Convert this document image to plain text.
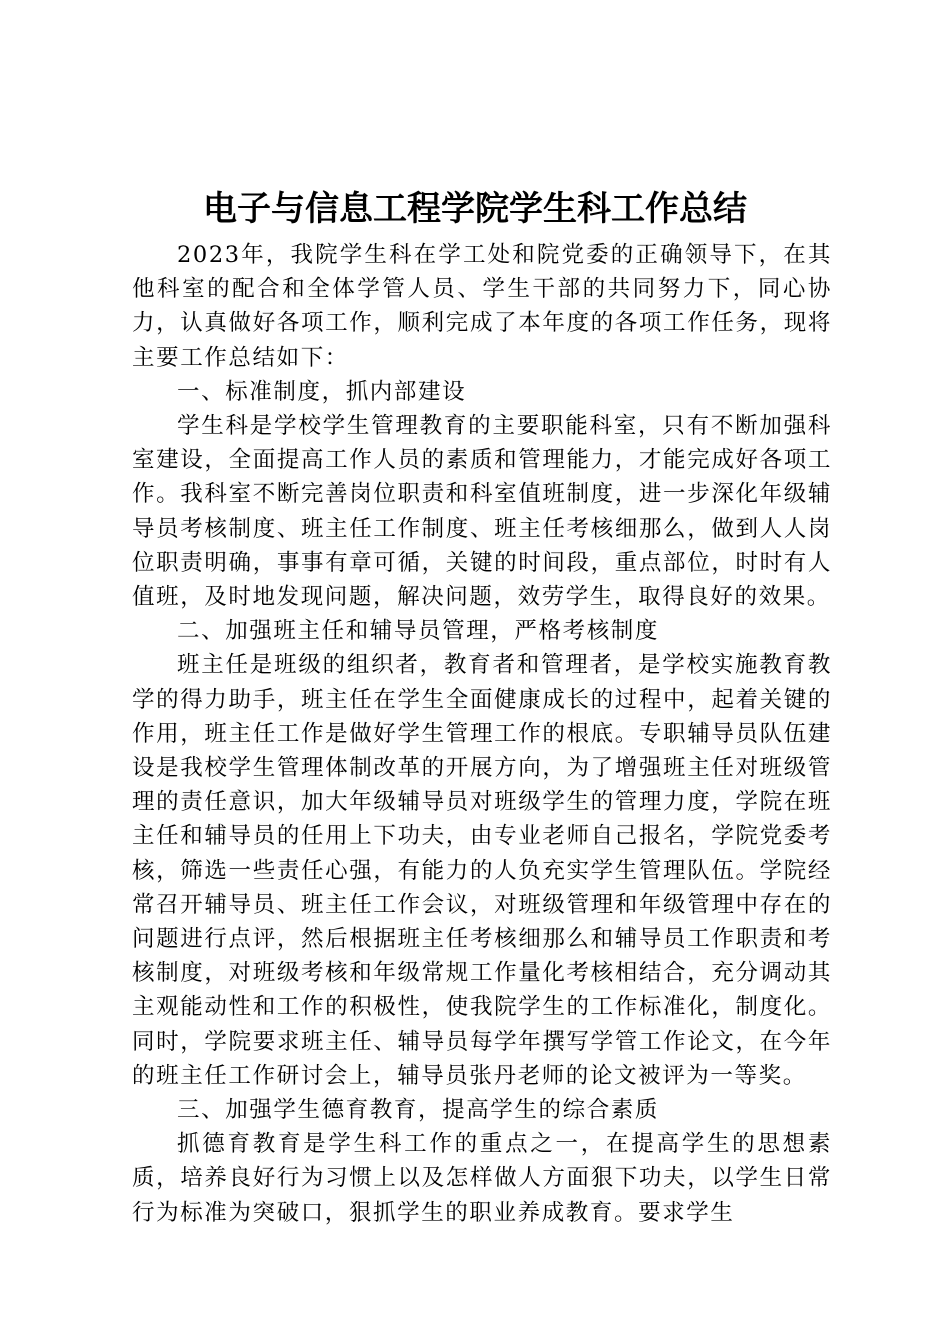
电子与信息工程学院学生科工作总结

2023年，我院学生科在学工处和院党委的正确领导下，在其他科室的配合和全体学管人员、学生干部的共同努力下，同心协力，认真做好各项工作，顺利完成了本年度的各项工作任务，现将主要工作总结如下：

一、标准制度，抓内部建设

学生科是学校学生管理教育的主要职能科室，只有不断加强科室建设，全面提高工作人员的素质和管理能力，才能完成好各项工作。我科室不断完善岗位职责和科室值班制度，进一步深化年级辅导员考核制度、班主任工作制度、班主任考核细那么，做到人人岗位职责明确，事事有章可循，关键的时间段，重点部位，时时有人值班，及时地发现问题，解决问题，效劳学生，取得良好的效果。

二、加强班主任和辅导员管理，严格考核制度

班主任是班级的组织者，教育者和管理者，是学校实施教育教学的得力助手，班主任在学生全面健康成长的过程中，起着关键的作用，班主任工作是做好学生管理工作的根底。专职辅导员队伍建设是我校学生管理体制改革的开展方向，为了增强班主任对班级管理的责任意识，加大年级辅导员对班级学生的管理力度，学院在班主任和辅导员的任用上下功夫，由专业老师自己报名，学院党委考核，筛选一些责任心强，有能力的人负充实学生管理队伍。学院经常召开辅导员、班主任工作会议，对班级管理和年级管理中存在的问题进行点评，然后根据班主任考核细那么和辅导员工作职责和考核制度，对班级考核和年级常规工作量化考核相结合，充分调动其主观能动性和工作的积极性，使我院学生的工作标准化，制度化。同时，学院要求班主任、辅导员每学年撰写学管工作论文，在今年的班主任工作研讨会上，辅导员张丹老师的论文被评为一等奖。

三、加强学生德育教育，提高学生的综合素质

抓德育教育是学生科工作的重点之一，在提高学生的思想素质，培养良好行为习惯上以及怎样做人方面狠下功夫，以学生日常行为标准为突破口，狠抓学生的职业养成教育。要求学生
